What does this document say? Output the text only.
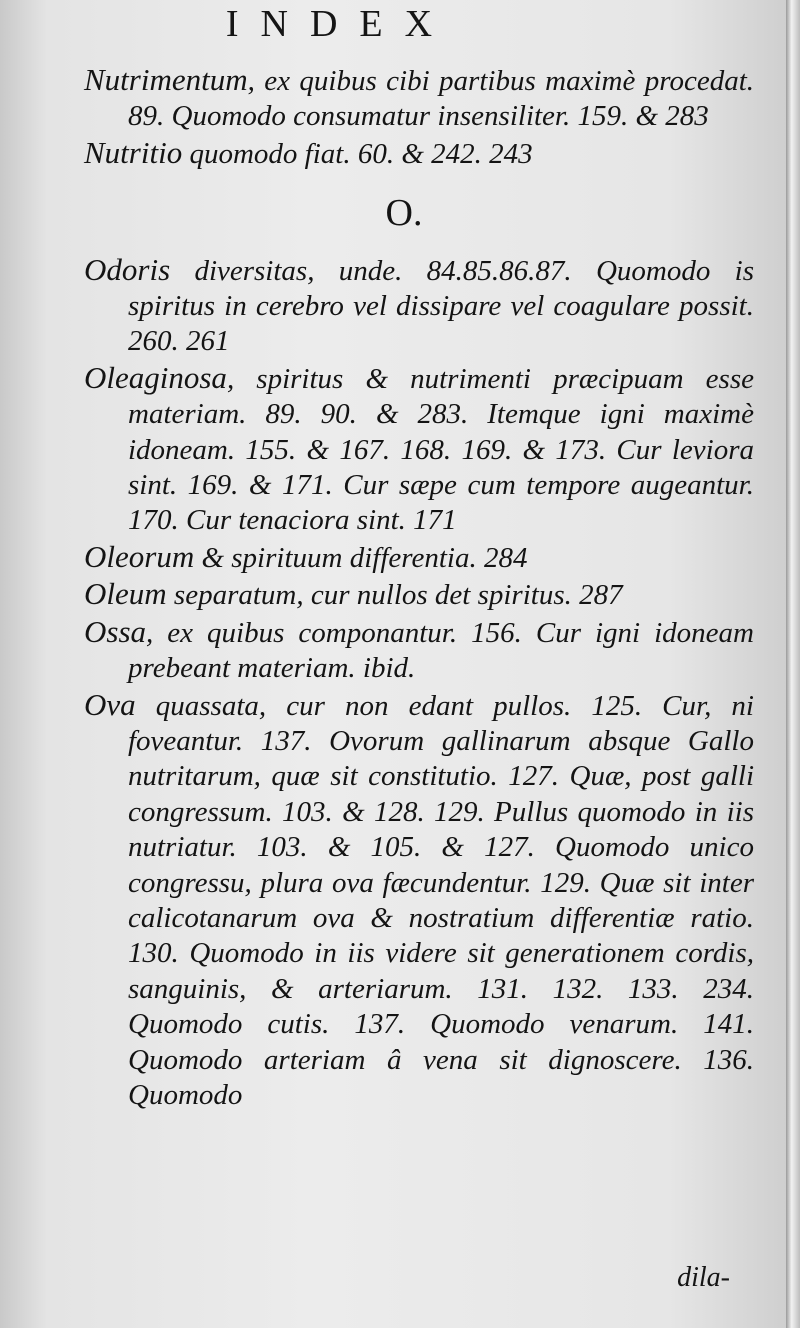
INDEX

Nutrimentum, ex quibus cibi partibus maximè procedat. 89. Quomodo consumatur insensiliter. 159. & 283

Nutritio quomodo fiat. 60. & 242. 243

O.

Odoris diversitas, unde. 84.85.86.87. Quomodo is spiritus in cerebro vel dissipare vel coagulare possit. 260. 261

Oleaginosa, spiritus & nutrimenti præcipuam esse materiam. 89. 90. & 283. Itemque igni maximè idoneam. 155. & 167. 168. 169. & 173. Cur leviora sint. 169. & 171. Cur sæpe cum tempore augeantur. 170. Cur tenaciora sint. 171

Oleorum & spirituum differentia. 284

Oleum separatum, cur nullos det spiritus. 287

Ossa, ex quibus componantur. 156. Cur igni idoneam prebeant materiam. ibid.

Ova quassata, cur non edant pullos. 125. Cur, ni foveantur. 137. Ovorum gallinarum absque Gallo nutritarum, quæ sit constitutio. 127. Quæ, post galli congressum. 103. & 128. 129. Pullus quomodo in iis nutriatur. 103. & 105. & 127. Quomodo unico congressu, plura ova fæcundentur. 129. Quæ sit inter calicotanarum ova & nostratium differentiæ ratio. 130. Quomodo in iis videre sit generationem cordis, sanguinis, & arteriarum. 131. 132. 133. 234. Quomodo cutis. 137. Quomodo venarum. 141. Quomodo arteriam â vena sit dignoscere. 136. Quomodo

dila-
